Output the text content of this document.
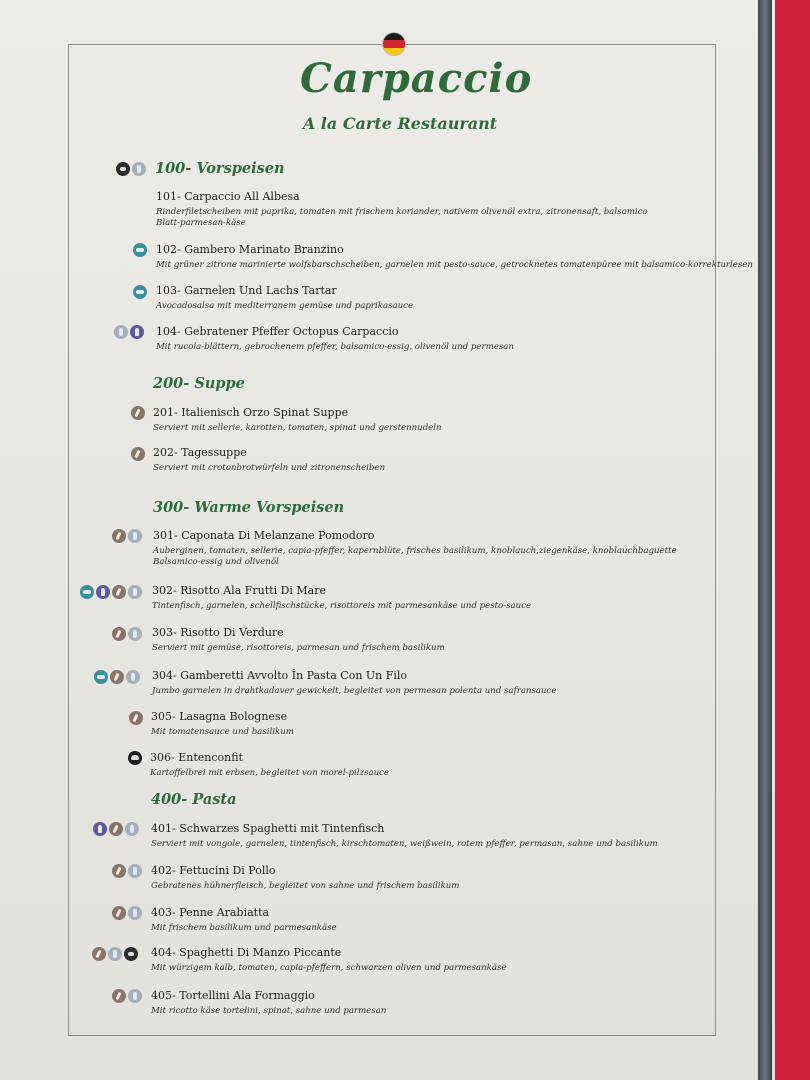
Carpaccio
A la Carte Restaurant
100- Vorspeisen
101- Carpaccio All Albesa
Rinderfiletscheiben mit paprika, tomaten mit frischem koriander, nativem olivenöl extra, zitronensaft, balsamico
Blatt-parmesan-käse
102- Gambero Marinato Branzino
Mit grüner zitrone marinierte wolfsbarschscheiben, garnelen mit pesto-sauce, getrocknetes tomatenpüree mit balsamico-korrekturlesen
103- Garnelen Und Lachs Tartar
Avocadosalsa mit mediterranem gemüse und paprikasauce
104- Gebratener Pfeffer Octopus Carpaccio
Mit rucola-blättern, gebrochenem pfeffer, balsamico-essig, olivenöl und permesan
200- Suppe
201- Italienisch Orzo Spinat Suppe
Serviert mit sellerie, karotten, tomaten, spinat und gerstennudeln
202- Tagessuppe
Serviert mit crotonbrotwürfeln und zitronenscheiben
300- Warme Vorspeisen
301- Caponata Di Melanzane Pomodoro
Auberginen, tomaten, sellerie, capia-pfeffer, kapernblüte, frisches basilikum, knoblauch,ziegenkäse, knoblauchbaguette
Balsamico-essig und olivenöl
302- Risotto Ala Frutti Di Mare
Tintenfisch, garnelen, schellfischstücke, risottoreis mit parmesankäse und pesto-sauce
303- Risotto Di Verdure
Serviert mit gemüse, risottoreis, parmesan und frischem basilikum
304- Gamberetti Avvolto İn Pasta Con Un Filo
Jumbo garnelen in drahtkadaver gewickelt, begleitet von permesan polenta und safransauce
305- Lasagna Bolognese
Mit tomatensauce und basilikum
306- Entenconfit
Kartoffelbrei mit erbsen, begleitet von morel-pilzsauce
400- Pasta
401- Schwarzes Spaghetti mit Tintenfisch
Serviert mit vongole, garnelen, tintenfisch, kirschtomaten, weißwein, rotem pfeffer, permasan, sahne und basilikum
402- Fettucini Di Pollo
Gebratenes hühnerfleisch, begleitet von sahne und frischem basilikum
403- Penne Arabiatta
Mit frischem basilikum und parmesankäse
404- Spaghetti Di Manzo Piccante
Mit würzigem kalb, tomaten, capia-pfeffern, schwarzen oliven und parmesankäse
405- Tortellini Ala Formaggio
Mit ricotto käse tortelini, spinat, sahne und parmesan
